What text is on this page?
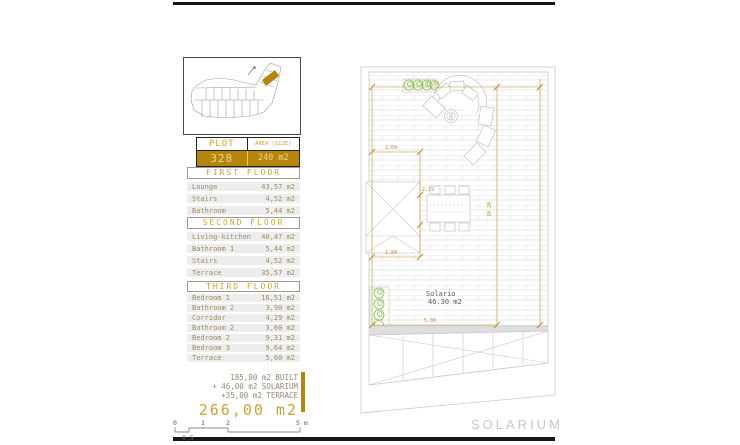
PLOT	AREA (SIZE)
328	240 m2
FIRST FLOOR
Lounge	43,57 m2
Stairs	4,52 m2
Bathroom	5,44 m2
SECOND FLOOR
Living-kitchen 40,47 m2
Bathroom 1	5,44 m2
Stairs	4,52 m2
Terrace	35,57 m2
THIRD FLOOR
Bedroom 1	16,51 m2
Bathroom 2	3,90 m2
Corridor	4,29 m2
Bathroom 2	3,60 m2
Bedroom 2	9,31 m2
Bedroom 3	9,64 m2
Terrace	5,60 m2
185,00 m2 BUILT
+ 46,00 m2 SOLARIUM
+35,00 m2 TERRACE
266,00 m2
0	1	2	5 m
0,5
2.04
1.84
2.19
5.30
1.30
10.20
Solario
46.30 m2
SOLARIUM
